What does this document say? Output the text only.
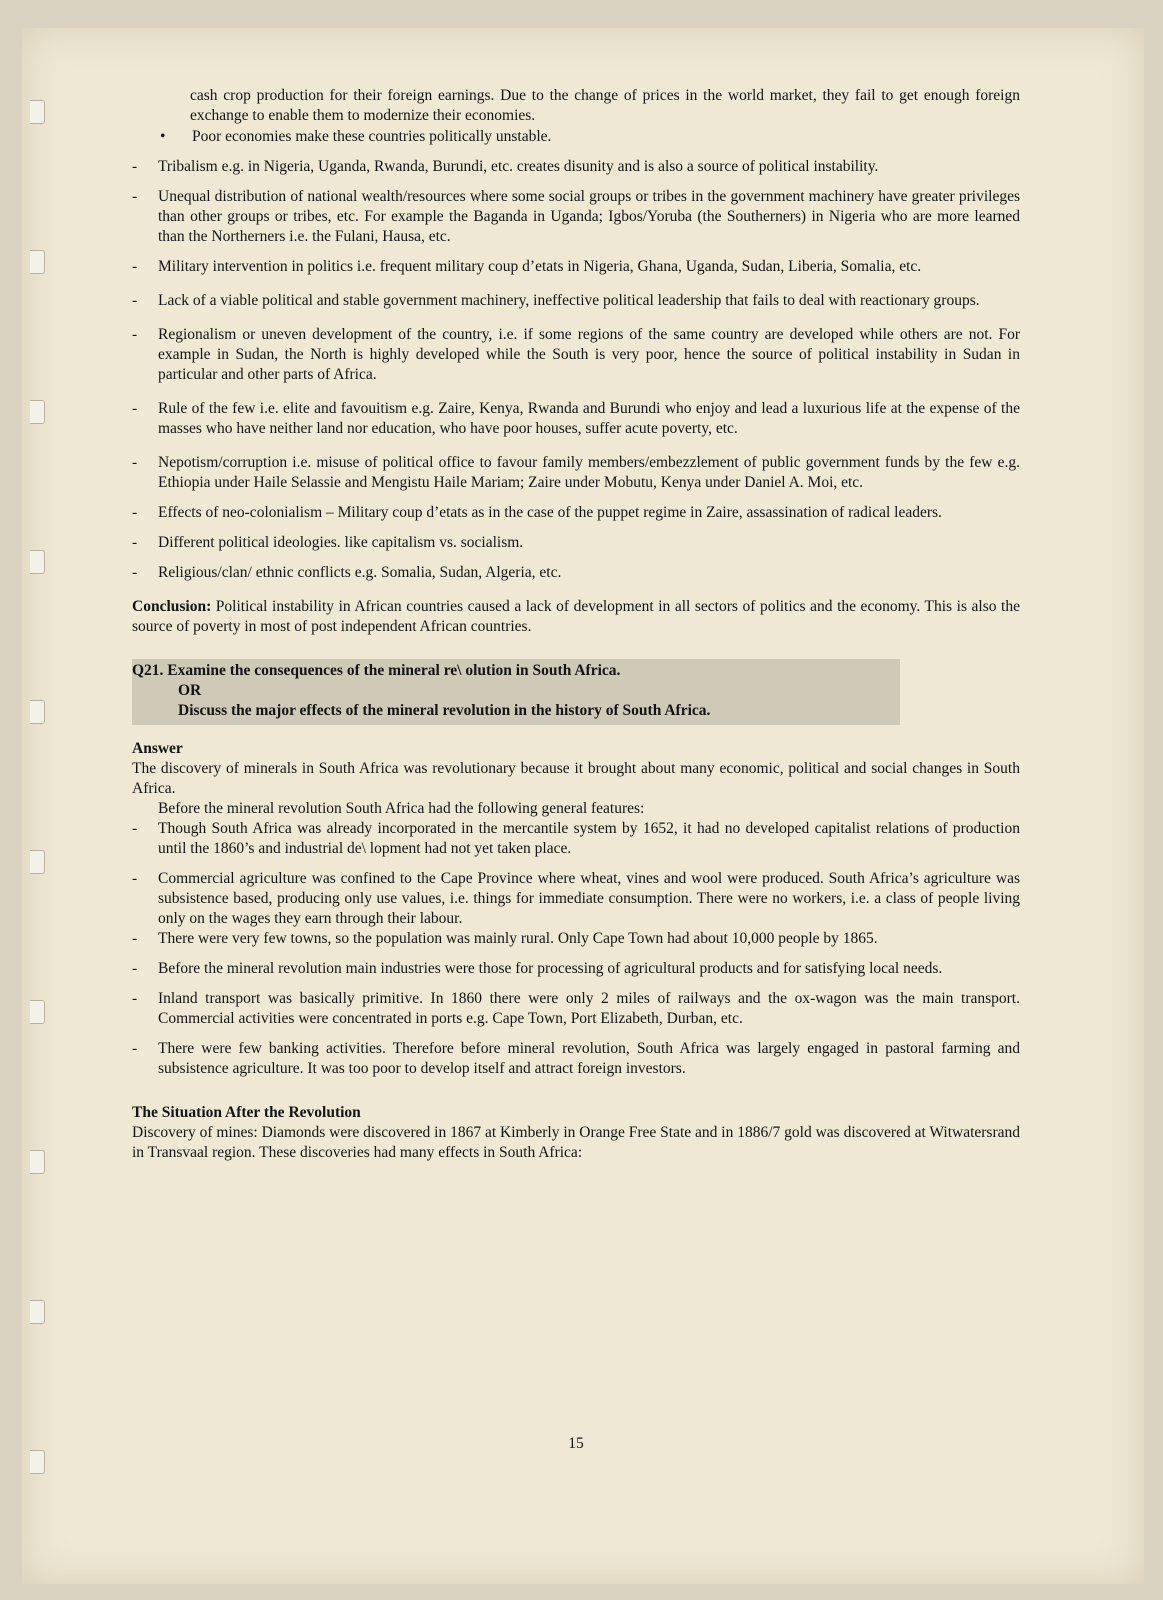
cash crop production for their foreign earnings. Due to the change of prices in the world market, they fail to get enough foreign exchange to enable them to modernize their economies.

•	Poor economies make these countries politically unstable.
-
Tribalism e.g. in Nigeria, Uganda, Rwanda, Burundi, etc. creates disunity and is also a source of political instability.
-
Unequal distribution of national wealth/resources where some social groups or tribes in the government machinery have greater privileges than other groups or tribes, etc. For example the Baganda in Uganda; Igbos/Yoruba (the Southerners) in Nigeria who are more learned than the Northerners i.e. the Fulani, Hausa, etc.
-
Military intervention in politics i.e. frequent military coup d’etats in Nigeria, Ghana, Uganda, Sudan, Liberia, Somalia, etc.
-
Lack of a viable political and stable government machinery, ineffective political leadership that fails to deal with reactionary groups.
-
Regionalism or uneven development of the country, i.e. if some regions of the same country are developed while others are not. For example in Sudan, the North is highly developed while the South is very poor, hence the source of political instability in Sudan in particular and other parts of Africa.
-
Rule of the few i.e. elite and favouitism e.g. Zaire, Kenya, Rwanda and Burundi who enjoy and lead a luxurious life at the expense of the masses who have neither land nor education, who have poor houses, suffer acute poverty, etc.
-
Nepotism/corruption i.e. misuse of political office to favour family members/embezzlement of public government funds by the few e.g. Ethiopia under Haile Selassie and Mengistu Haile Mariam; Zaire under Mobutu, Kenya under Daniel A. Moi, etc.
-
Effects of neo-colonialism – Military coup d’etats as in the case of the puppet regime in Zaire, assassination of radical leaders.
-
Different political ideologies. like capitalism vs. socialism.
-
Religious/clan/ ethnic conflicts e.g. Somalia, Sudan, Algeria, etc.

Conclusion: Political instability in African countries caused a lack of development in all sectors of politics and the economy. This is also the source of poverty in most of post independent African countries.

Q21. Examine the consequences of the mineral re\ olution in South Africa.
OR
Discuss the major effects of the mineral revolution in the history of South Africa.

Answer

The discovery of minerals in South Africa was revolutionary because it brought about many economic, political and social changes in South Africa.

Before the mineral revolution South Africa had the following general features:

-
Though South Africa was already incorporated in the mercantile system by 1652, it had no developed capitalist relations of production until the 1860’s and industrial de\ lopment had not yet taken place.
-
Commercial agriculture was confined to the Cape Province where wheat, vines and wool were produced. South Africa’s agriculture was subsistence based, producing only use values, i.e. things for immediate consumption. There were no workers, i.e. a class of people living only on the wages they earn through their labour.
-
There were very few towns, so the population was mainly rural. Only Cape Town had about 10,000 people by 1865.
-
Before the mineral revolution main industries were those for processing of agricultural products and for satisfying local needs.
-
Inland transport was basically primitive. In 1860 there were only 2 miles of railways and the ox-wagon was the main transport. Commercial activities were concentrated in ports e.g. Cape Town, Port Elizabeth, Durban, etc.
-
There were few banking activities. Therefore before mineral revolution, South Africa was largely engaged in pastoral farming and subsistence agriculture. It was too poor to develop itself and attract foreign investors.

The Situation After the Revolution

Discovery of mines: Diamonds were discovered in 1867 at Kimberly in Orange Free State and in 1886/7 gold was discovered at Witwatersrand in Transvaal region. These discoveries had many effects in South Africa:

15
